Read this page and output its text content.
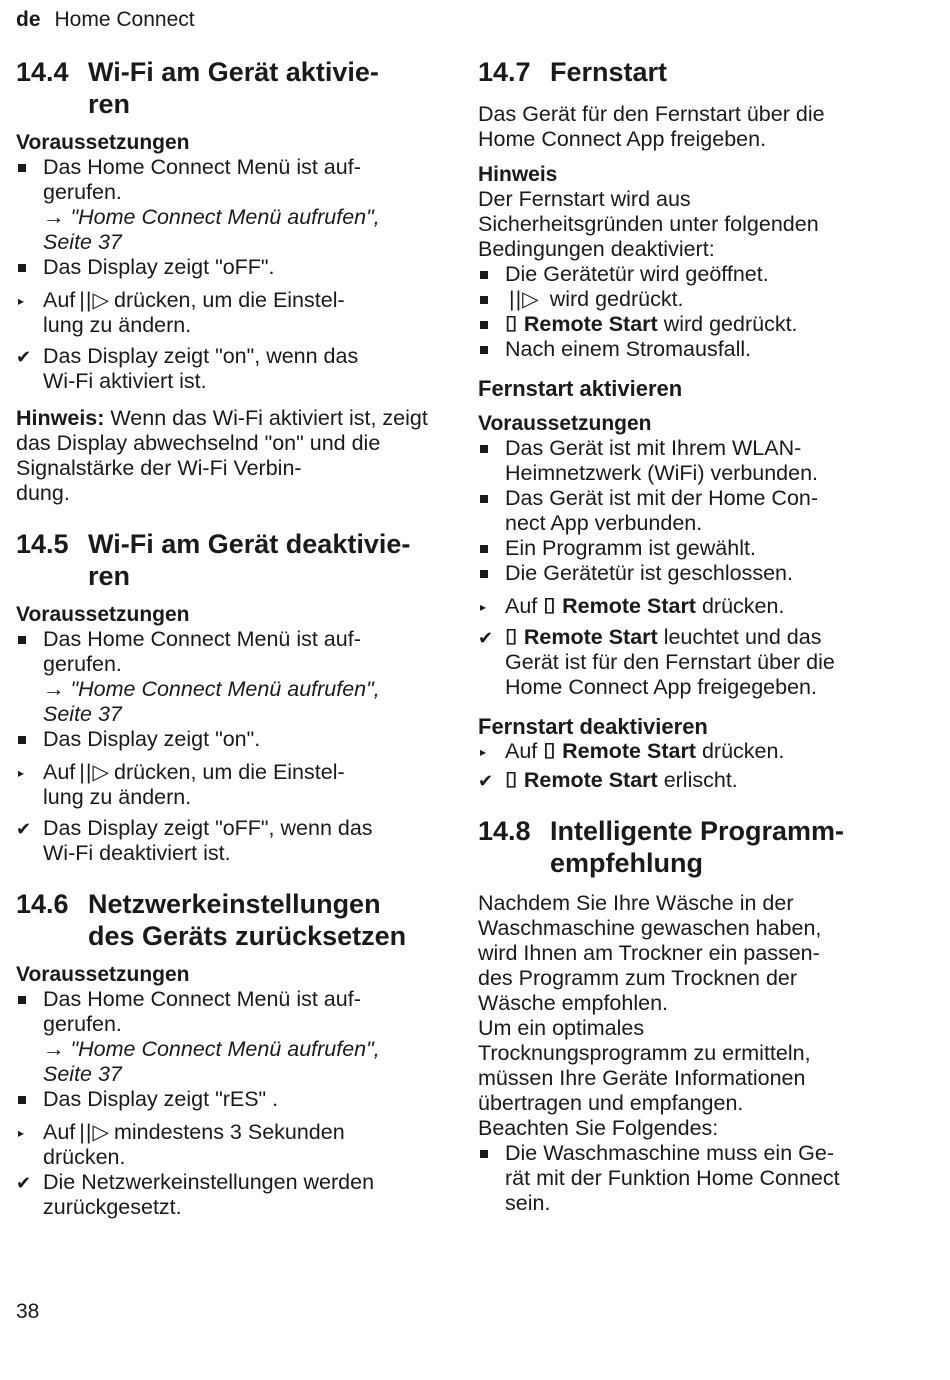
de Home Connect
14.4 Wi-Fi am Gerät aktivie-
ren
Voraussetzungen
Das Home Connect Menü ist auf-
gerufen.
→ "Home Connect Menü aufrufen",
Seite 37
Das Display zeigt "oFF".
▸ Auf ||▷ drücken, um die Einstel-
lung zu ändern.
✔ Das Display zeigt "on", wenn das
Wi-Fi aktiviert ist.

Hinweis: Wenn das Wi-Fi aktiviert ist, zeigt das Display abwechselnd "on" und die Signalstärke der Wi-Fi Verbin-
dung.

14.5 Wi-Fi am Gerät deaktivie-
ren
Voraussetzungen
Das Home Connect Menü ist auf-
gerufen.
→ "Home Connect Menü aufrufen",
Seite 37
Das Display zeigt "on".
▸ Auf ||▷ drücken, um die Einstel-
lung zu ändern.
✔ Das Display zeigt "oFF", wenn das
Wi-Fi deaktiviert ist.
14.6 Netzwerkeinstellungen
des Geräts zurücksetzen
Voraussetzungen
Das Home Connect Menü ist auf-
gerufen.
→ "Home Connect Menü aufrufen",
Seite 37
Das Display zeigt "rES" .
▸ Auf ||▷ mindestens 3 Sekunden
drücken.
✔ Die Netzwerkeinstellungen werden
zurückgesetzt.
14.7 Fernstart

Das Gerät für den Fernstart über die
Home Connect App freigeben.

Hinweis

Der Fernstart wird aus
Sicherheitsgründen unter folgenden
Bedingungen deaktiviert:

Die Gerätetür wird geöffnet.
||▷ wird gedrückt.
⌷ Remote Start wird gedrückt.
Nach einem Stromausfall.
Fernstart aktivieren
Voraussetzungen
Das Gerät ist mit Ihrem WLAN-
Heimnetzwerk (WiFi) verbunden.
Das Gerät ist mit der Home Con-
nect App verbunden.
Ein Programm ist gewählt.
Die Gerätetür ist geschlossen.
▸ Auf ⌷ Remote Start drücken.
✔ ⌷ Remote Start leuchtet und das
Gerät ist für den Fernstart über die
Home Connect App freigegeben.
Fernstart deaktivieren
▸ Auf ⌷ Remote Start drücken.
✔ ⌷ Remote Start erlischt.
14.8 Intelligente Programm-
empfehlung

Nachdem Sie Ihre Wäsche in der
Waschmaschine gewaschen haben,
wird Ihnen am Trockner ein passen-
des Programm zum Trocknen der
Wäsche empfohlen.

Um ein optimales
Trocknungsprogramm zu ermitteln,
müssen Ihre Geräte Informationen
übertragen und empfangen.

Beachten Sie Folgendes:

Die Waschmaschine muss ein Ge-
rät mit der Funktion Home Connect
sein.
38
